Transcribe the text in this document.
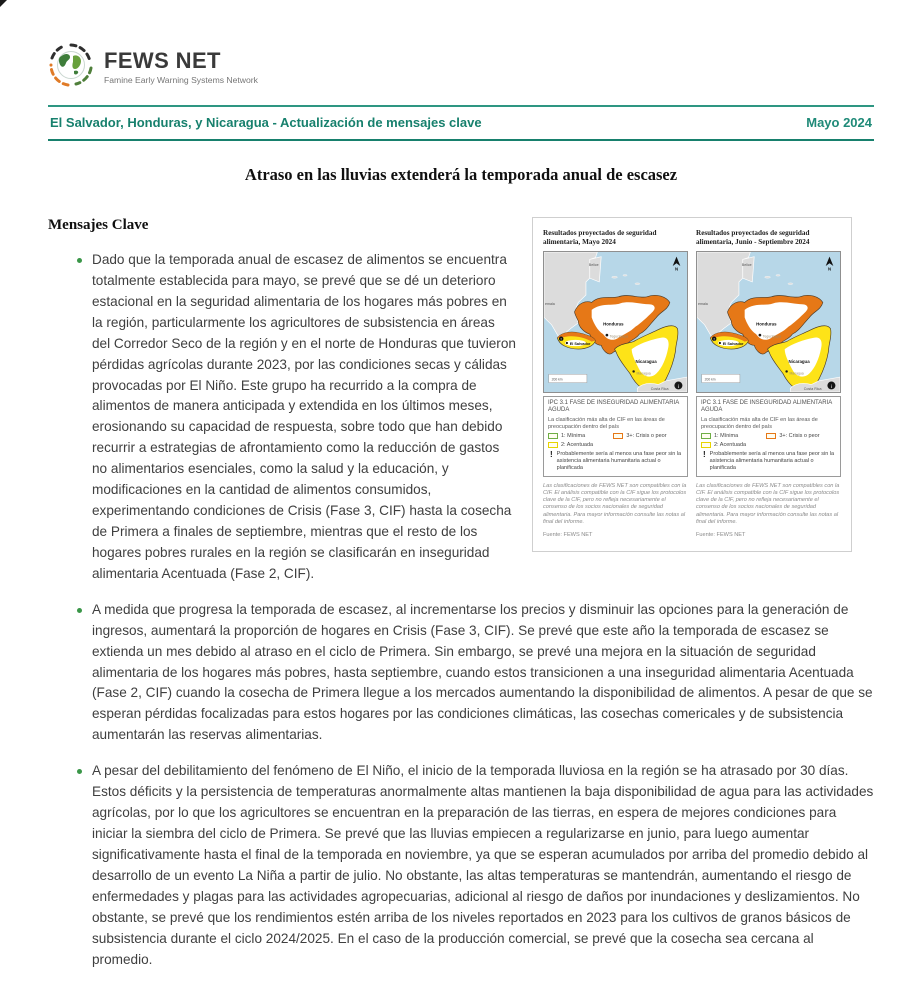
FEWS NET
Famine Early Warning Systems Network
El Salvador, Honduras, y Nicaragua - Actualización de mensajes clave	Mayo 2024
Atraso en las lluvias extenderá la temporada anual de escasez
Resultados proyectados de seguridad alimentaria, Mayo 2024
Belice
emala
Honduras
Tegucigalpa
!
El Salvador
Nicaragua
Managua
Costa Rica
N
200 km
i
IPC 3.1 FASE DE INSEGURIDAD ALIMENTARIA AGUDA
La clasificación más alta de CIF en las áreas de preocupación dentro del país
1: Mínima	3+: Crisis o peor
2: Acentuada
! Probablemente sería al menos una fase peor sin la asistencia alimentaria humanitaria actual o planificada
Las clasificaciones de FEWS NET son compatibles con la CIF. El análisis compatible con la CIF sigue los protocolos clave de la CIF, pero no refleja necesariamente el consenso de los socios nacionales de seguridad alimentaria. Para mayor información consulte las notas al final del informe.
Fuente: FEWS NET
Resultados proyectados de seguridad alimentaria, Junio - Septiembre 2024
Belice
emala
Honduras
Tegucigalpa
!
El Salvador
Nicaragua
Managua
Costa Rica
N
200 km
i
IPC 3.1 FASE DE INSEGURIDAD ALIMENTARIA AGUDA
La clasificación más alta de CIF en las áreas de preocupación dentro del país
1: Mínima	3+: Crisis o peor
2: Acentuada
! Probablemente sería al menos una fase peor sin la asistencia alimentaria humanitaria actual o planificada
Las clasificaciones de FEWS NET son compatibles con la CIF. El análisis compatible con la CIF sigue los protocolos clave de la CIF, pero no refleja necesariamente el consenso de los socios nacionales de seguridad alimentaria. Para mayor información consulte las notas al final del informe.
Fuente: FEWS NET
Mensajes Clave
Dado que la temporada anual de escasez de alimentos se encuentra totalmente establecida para mayo, se prevé que se dé un deterioro estacional en la seguridad alimentaria de los hogares más pobres en la región, particularmente los agricultores de subsistencia en áreas del Corredor Seco de la región y en el norte de Honduras que tuvieron pérdidas agrícolas durante 2023, por las condiciones secas y cálidas provocadas por El Niño. Este grupo ha recurrido a la compra de alimentos de manera anticipada y extendida en los últimos meses, erosionando su capacidad de respuesta, sobre todo que han debido recurrir a estrategias de afrontamiento como la reducción de gastos no alimentarios esenciales, como la salud y la educación, y modificaciones en la cantidad de alimentos consumidos, experimentando condiciones de Crisis (Fase 3, CIF) hasta la cosecha de Primera a finales de septiembre, mientras que el resto de los hogares pobres rurales en la región se clasificarán en inseguridad alimentaria Acentuada (Fase 2, CIF).
A medida que progresa la temporada de escasez, al incrementarse los precios y disminuir las opciones para la generación de ingresos, aumentará la proporción de hogares en Crisis (Fase 3, CIF). Se prevé que este año la temporada de escasez se extienda un mes debido al atraso en el ciclo de Primera. Sin embargo, se prevé una mejora en la situación de seguridad alimentaria de los hogares más pobres, hasta septiembre, cuando estos transicionen a una inseguridad alimentaria Acentuada (Fase 2, CIF) cuando la cosecha de Primera llegue a los mercados aumentando la disponibilidad de alimentos. A pesar de que se esperan pérdidas focalizadas para estos hogares por las condiciones climáticas, las cosechas comericales y de subsistencia aumentarán las reservas alimentarias.
A pesar del debilitamiento del fenómeno de El Niño, el inicio de la temporada lluviosa en la región se ha atrasado por 30 días. Estos déficits y la persistencia de temperaturas anormalmente altas mantienen la baja disponibilidad de agua para las actividades agrícolas, por lo que los agricultores se encuentran en la preparación de las tierras, en espera de mejores condiciones para iniciar la siembra del ciclo de Primera. Se prevé que las lluvias empiecen a regularizarse en junio, para luego aumentar significativamente hasta el final de la temporada en noviembre, ya que se esperan acumulados por arriba del promedio debido al desarrollo de un evento La Niña a partir de julio. No obstante, las altas temperaturas se mantendrán, aumentando el riesgo de enfermedades y plagas para las actividades agropecuarias, adicional al riesgo de daños por inundaciones y deslizamientos. No obstante, se prevé que los rendimientos estén arriba de los niveles reportados en 2023 para los cultivos de granos básicos de subsistencia durante el ciclo 2024/2025. En el caso de la producción comercial, se prevé que la cosecha sea cercana al promedio.
